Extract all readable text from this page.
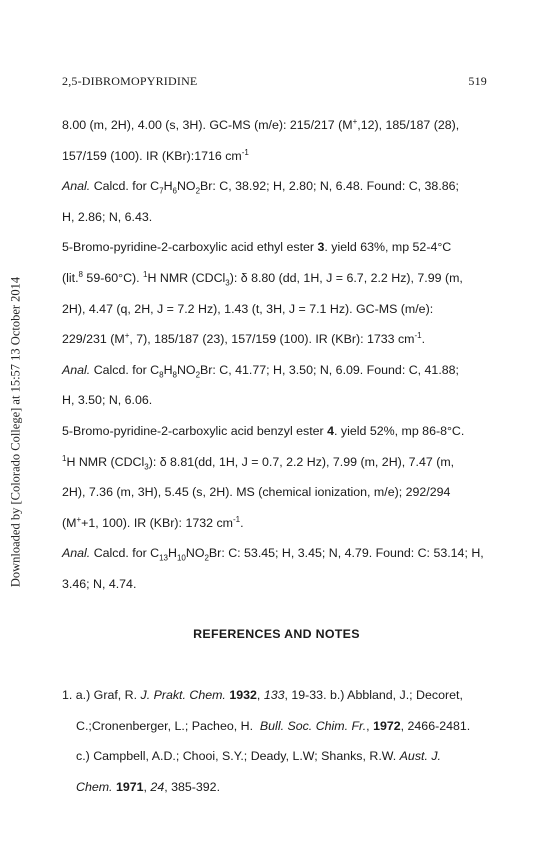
2,5-DIBROMOPYRIDINE	519
Downloaded by [Colorado College] at 15:57 13 October 2014

8.00 (m, 2H), 4.00 (s, 3H). GC-MS (m/e): 215/217 (M+,12), 185/187 (28),
157/159 (100). IR (KBr):1716 $cm^{-1}$

Anal. Calcd. for $C_7H_6NO_2Br$: C, 38.92; H, 2.80; N, 6.48. Found: C, 38.86;
H, 2.86; N, 6.43.

5-Bromo-pyridine-2-carboxylic acid ethyl ester 3. yield 63%, mp 52-4°C
(lit.$^8$ 59-60°C). $^1$H NMR (CDCl$_3$): δ 8.80 (dd, 1H, J = 6.7, 2.2 Hz), 7.99 (m,
2H), 4.47 (q, 2H, J = 7.2 Hz), 1.43 (t, 3H, J = 7.1 Hz). GC-MS (m/e):
229/231 (M+, 7), 185/187 (23), 157/159 (100). IR (KBr): 1733 $cm^{-1}$.

Anal. Calcd. for $C_8H_8NO_2Br$: C, 41.77; H, 3.50; N, 6.09. Found: C, 41.88;
H, 3.50; N, 6.06.

5-Bromo-pyridine-2-carboxylic acid benzyl ester 4. yield 52%, mp 86-8°C.
$^1$H NMR (CDCl$_3$): δ 8.81(dd, 1H, J = 0.7, 2.2 Hz), 7.99 (m, 2H), 7.47 (m,
2H), 7.36 (m, 3H), 5.45 (s, 2H). MS (chemical ionization, m/e); 292/294
(M++1, 100). IR (KBr): 1732 $cm^{-1}$.

Anal. Calcd. for $C_{13}H_{10}NO_2Br$: C: 53.45; H, 3.45; N, 4.79. Found: C: 53.14; H,
3.46; N, 4.74.

REFERENCES AND NOTES
1. a.) Graf, R. J. Prakt. Chem. 1932, 133, 19-33. b.) Abbland, J.; Decoret,
C.;Cronenberger, L.; Pacheo, H.  Bull. Soc. Chim. Fr., 1972, 2466-2481.
c.) Campbell, A.D.; Chooi, S.Y.; Deady, L.W; Shanks, R.W. Aust. J.
Chem. 1971, 24, 385-392.
